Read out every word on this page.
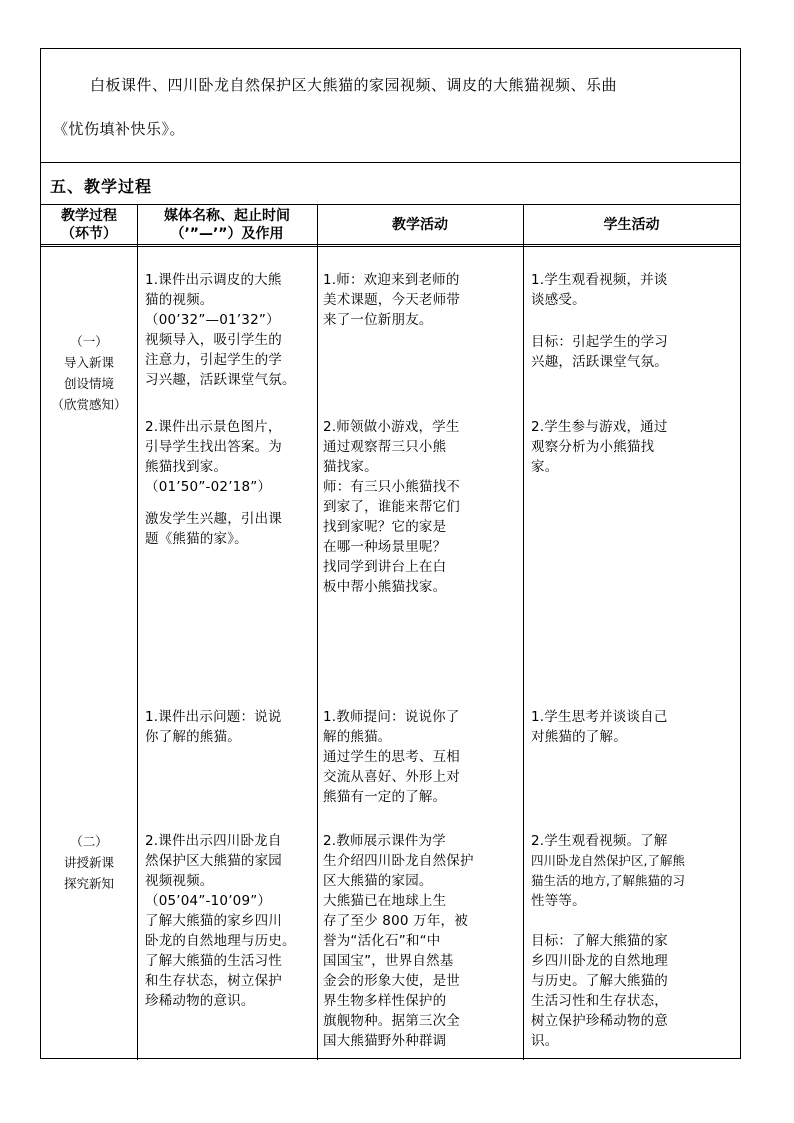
白板课件、四川卧龙自然保护区大熊猫的家园视频、调皮的大熊猫视频、乐曲
《忧伤填补快乐》。
五、教学过程
教学过程
（环节）
媒体名称、起止时间
（’”—’”）及作用
教学活动	学生活动
（一）
导入新课
创设情境
（欣赏感知）
（二）
讲授新课
探究新知

1.课件出示调皮的大熊

猫的视频。

（00’32”—01’32”）

视频导入，吸引学生的

注意力，引起学生的学

习兴趣，活跃课堂气氛。

2.课件出示景色图片，

引导学生找出答案。为

熊猫找到家。

（01’50”-02’18”）

激发学生兴趣，引出课

题《熊猫的家》。

1.课件出示问题：说说

你了解的熊猫。

2.课件出示四川卧龙自

然保护区大熊猫的家园

视频视频。

（05’04”-10’09”）

了解大熊猫的家乡四川

卧龙的自然地理与历史。

了解大熊猫的生活习性

和生存状态，树立保护

珍稀动物的意识。

1.师：欢迎来到老师的

美术课题，今天老师带

来了一位新朋友。

2.师领做小游戏，学生

通过观察帮三只小熊

猫找家。

师：有三只小熊猫找不

到家了，谁能来帮它们

找到家呢？它的家是

在哪一种场景里呢？

找同学到讲台上在白

板中帮小熊猫找家。

1.教师提问：说说你了

解的熊猫。

通过学生的思考、互相

交流从喜好、外形上对

熊猫有一定的了解。

2.教师展示课件为学

生介绍四川卧龙自然保护

区大熊猫的家园。

大熊猫已在地球上生

存了至少 800 万年，被

誉为“活化石”和“中

国国宝”，世界自然基

金会的形象大使，是世

界生物多样性保护的

旗舰物种。据第三次全

国大熊猫野外种群调

1.学生观看视频，并谈

谈感受。

目标：引起学生的学习

兴趣，活跃课堂气氛。

2.学生参与游戏，通过

观察分析为小熊猫找

家。

1.学生思考并谈谈自己

对熊猫的了解。

2.学生观看视频。了解

四川卧龙自然保护区,了解熊

猫生活的地方,了解熊猫的习

性等等。

目标：了解大熊猫的家

乡四川卧龙的自然地理

与历史。了解大熊猫的

生活习性和生存状态，

树立保护珍稀动物的意

识。
